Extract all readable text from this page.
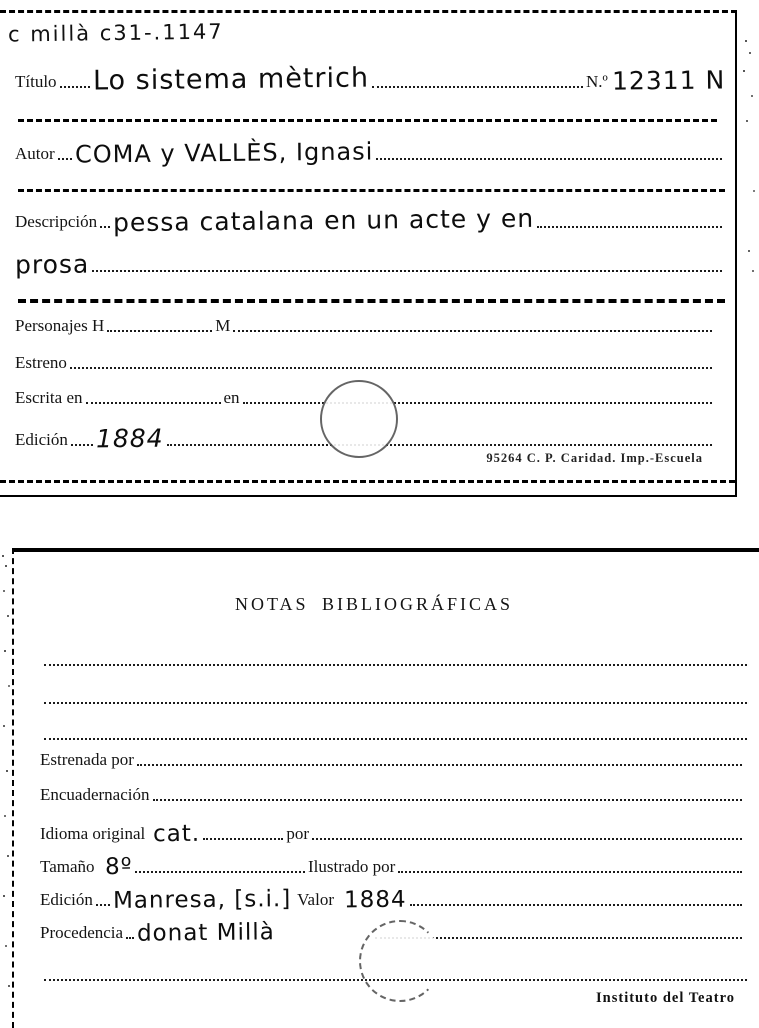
c millà c31-.1147
Título Lo sistema mètrich	N.º 12311 N
Autor COMA y VALLÈS, Ignasi
Descripción pessa catalana en un acte y en
prosa
Personajes H	M
Estreno
Escrita en	en
Edición 1884
95264 C. P. Caridad. Imp.-Escuela
NOTAS BIBLIOGRÁFICAS
Estrenada por
Encuadernación
Idioma original cat.	por
Tamaño 8º	Ilustrado por
Edición Manresa, [s.i.] Valor 1884
Procedencia donat Millà
Instituto del Teatro
